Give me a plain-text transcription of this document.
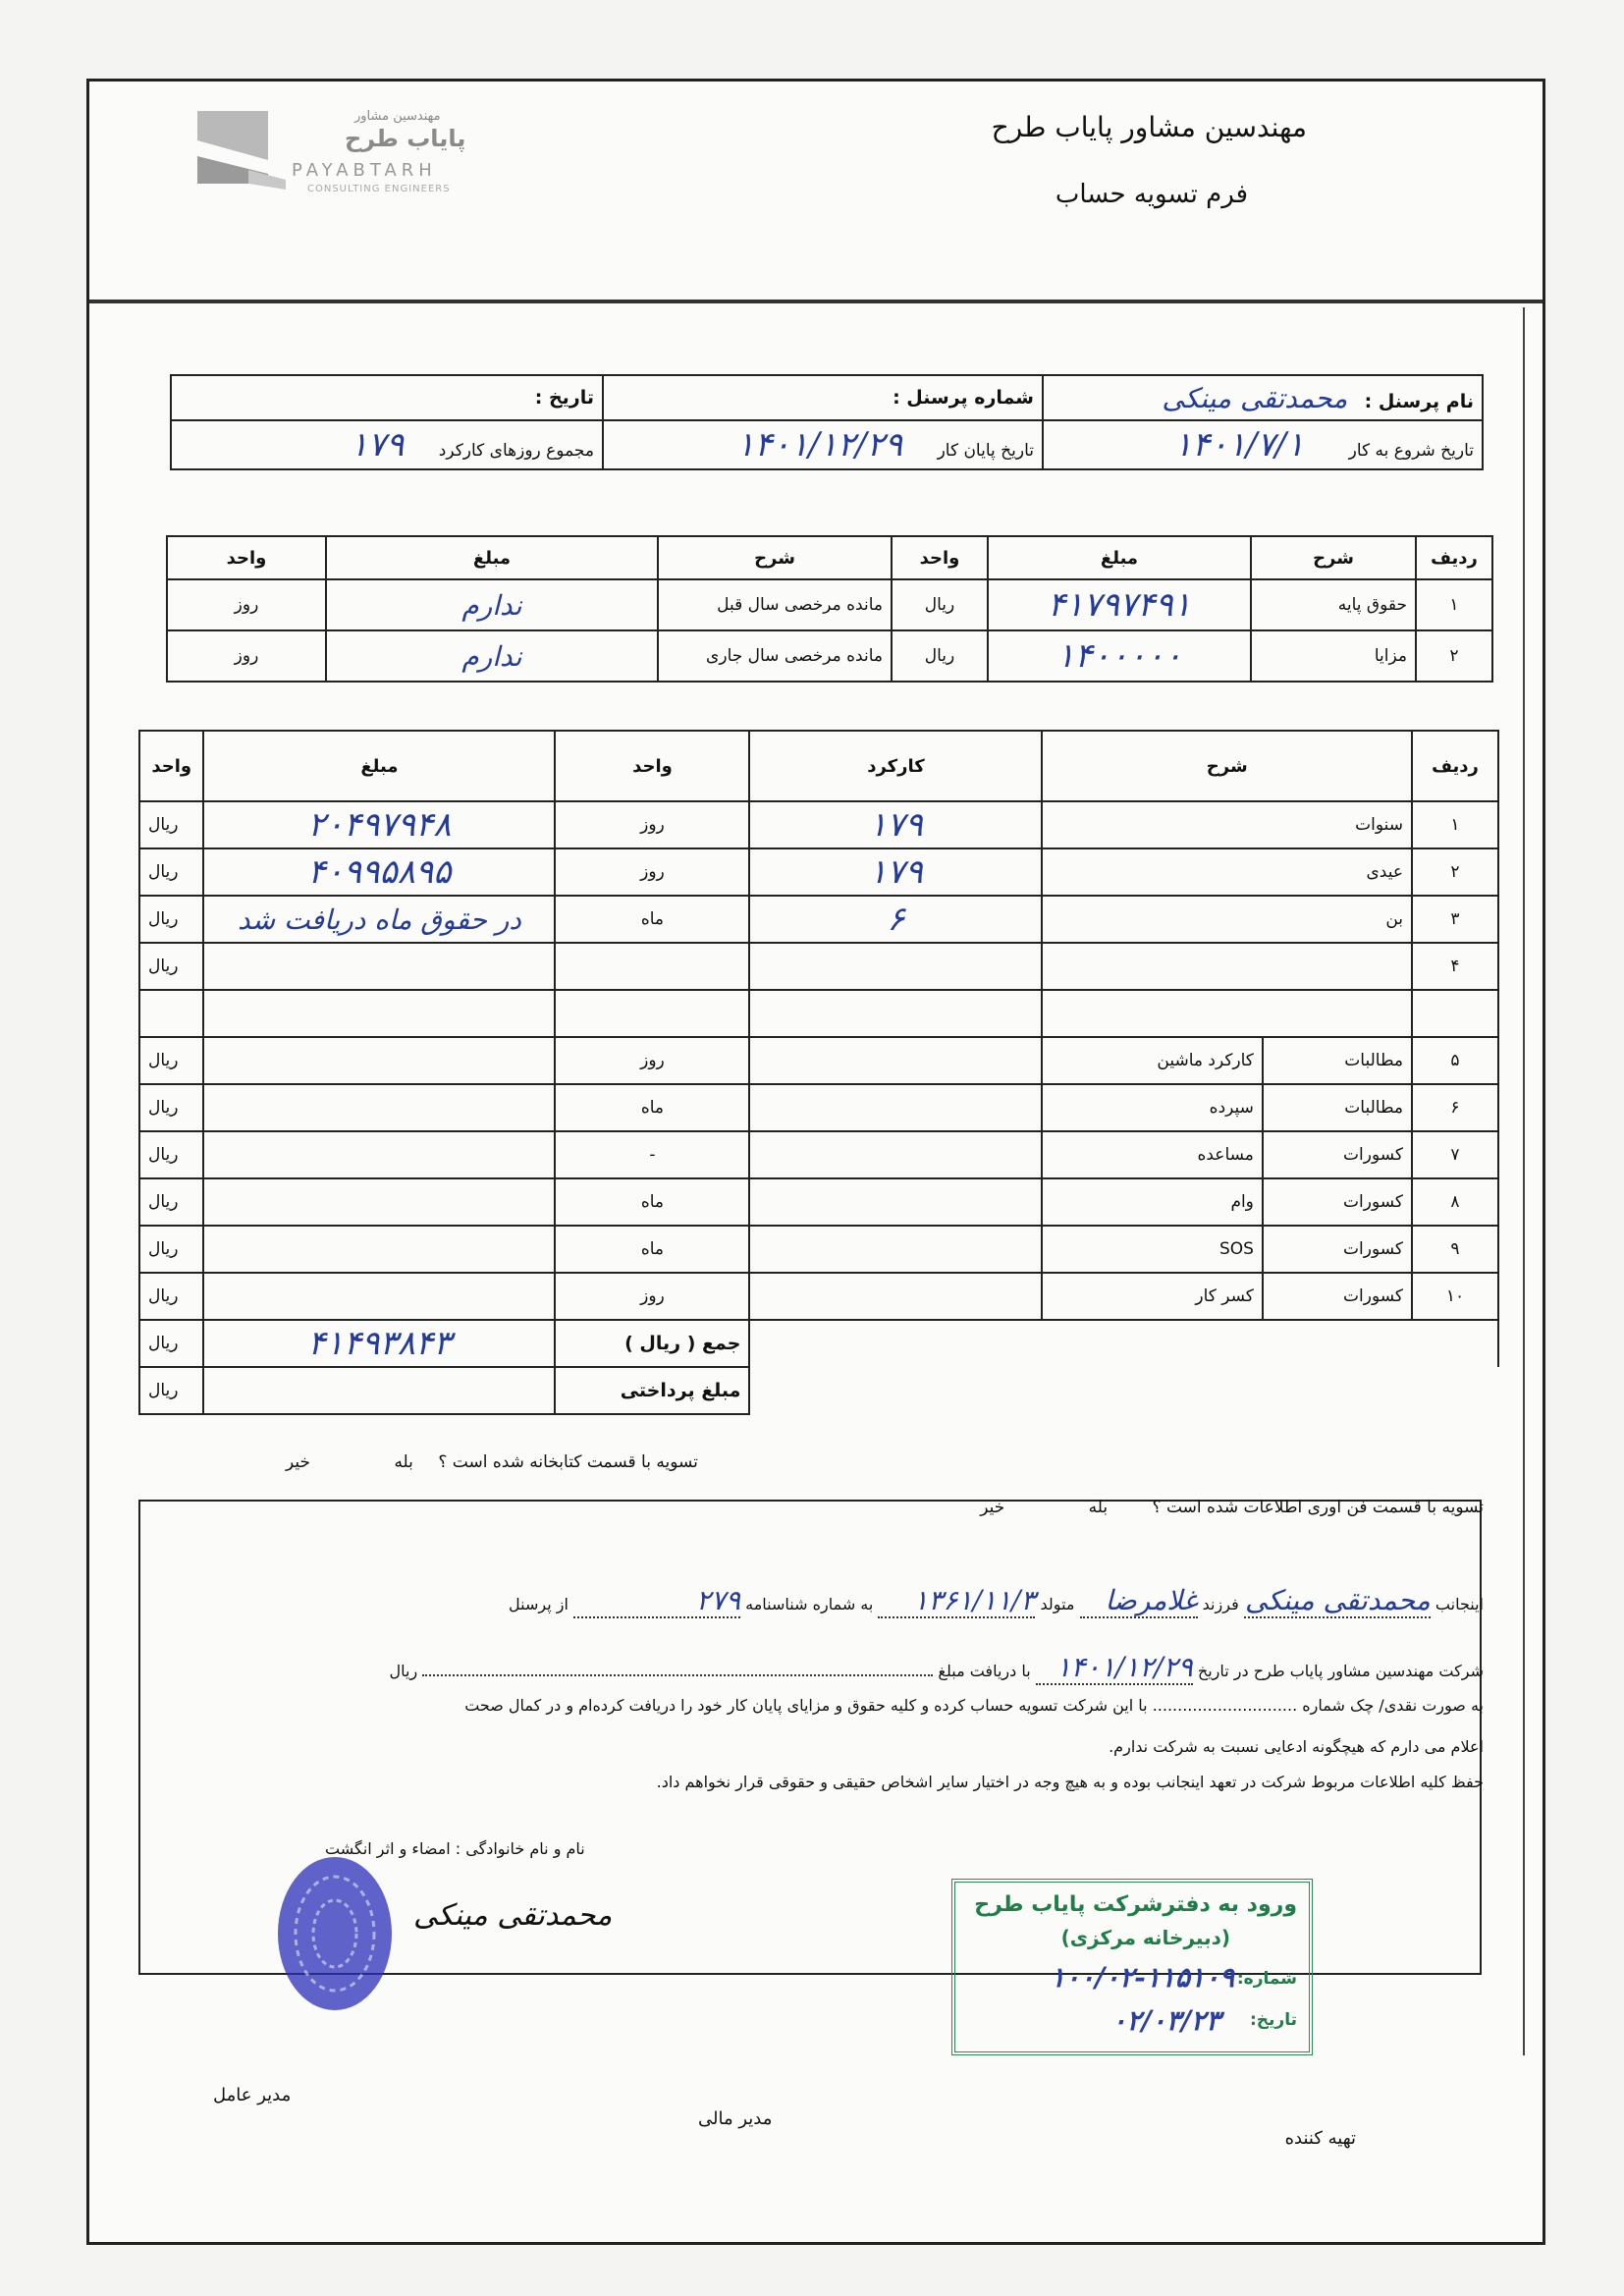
مهندسین مشاور
پایاب طرح
PAYABTARH
CONSULTING ENGINEERS
مهندسین مشاور پایاب طرح
فرم تسویه حساب
نام پرسنل : محمدتقی مینکی	شماره پرسنل :	تاریخ :
تاریخ شروع به کار ۱۴۰۱/۷/۱	تاریخ پایان کار ۱۴۰۱/۱۲/۲۹	مجموع روزهای کارکرد ۱۷۹
ردیف	شرح	مبلغ	واحد	شرح	مبلغ	واحد
۱	حقوق پایه	۴۱۷۹۷۴۹۱	ریال	مانده مرخصی سال قبل	ندارم	روز
۲	مزایا	۱۴۰۰۰۰۰	ریال	مانده مرخصی سال جاری	ندارم	روز
ردیف	شرح		کارکرد	واحد	مبلغ	واحد
۱	سنوات		۱۷۹	روز	۲۰۴۹۷۹۴۸	ریال
۲	عیدی		۱۷۹	روز	۴۰۹۹۵۸۹۵	ریال
۳	بن		۶	ماه	در حقوق ماه دریافت شد	ریال
۴						ریال

۵	مطالبات	کارکرد ماشین		روز		ریال
۶	مطالبات	سپرده		ماه		ریال
۷	کسورات	مساعده		-		ریال
۸	کسورات	وام		ماه		ریال
۹	کسورات	SOS		ماه		ریال
۱۰	کسورات	کسر کار		روز		ریال
				جمع ( ریال )	۴۱۴۹۳۸۴۳	ریال
				مبلغ پرداختی		ریال
تسویه با قسمت فن اوری اطلاعات شده است ؟ بله خیر
تسویه با قسمت کتابخانه شده است ؟ بله خیر
اینجانب محمدتقی مینکی فرزند غلامرضا متولد ۱۳۶۱/۱۱/۳ به شماره شناسنامه ۲۷۹ از پرسنل
شرکت مهندسین مشاور پایاب طرح در تاریخ ۱۴۰۱/۱۲/۲۹ با دریافت مبلغ  ریال
به صورت نقدی/ چک شماره ............................. با این شرکت تسویه حساب کرده و کلیه حقوق و مزایای پایان کار خود را دریافت کرده‌ام و در کمال صحت
اعلام می دارم که هیچگونه ادعایی نسبت به شرکت ندارم.
حفظ کلیه اطلاعات مربوط شرکت در تعهد اینجانب بوده و به هیچ وجه در اختیار سایر اشخاص حقیقی و حقوقی قرار نخواهم داد.
نام و نام خانوادگی : امضاء و اثر انگشت
محمدتقی مینکی	ورود به دفترشرکت پایاب طرح
(دبیرخانه مرکزی)
شماره:
۱۰۰/۰۲-۱۱۵۱۰۹
تاریخ:
۰۲/۰۳/۲۳
مدیر عامل
مدیر مالی
تهیه کننده
